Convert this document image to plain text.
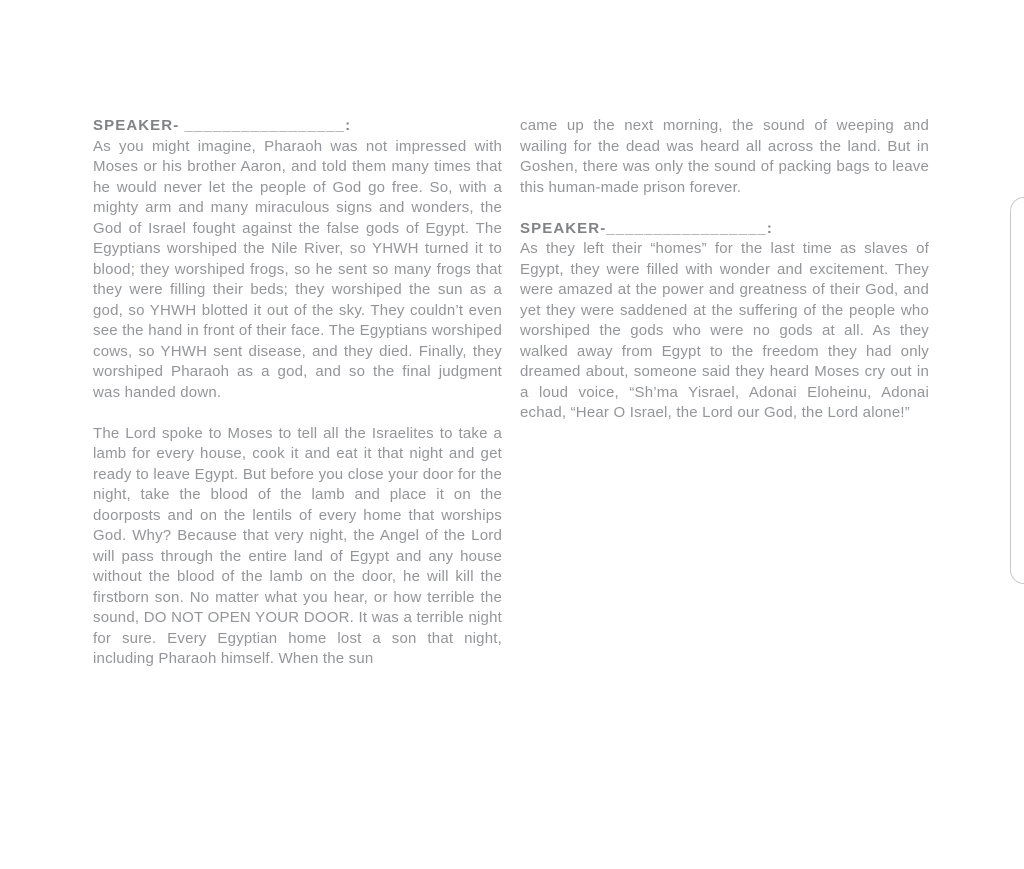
SPEAKER- _________________:

As you might imagine, Pharaoh was not impressed with Moses or his brother Aaron, and told them many times that he would never let the people of God go free. So, with a mighty arm and many miraculous signs and wonders, the God of Israel fought against the false gods of Egypt. The Egyptians worshiped the Nile River, so YHWH turned it to blood; they worshiped frogs, so he sent so many frogs that they were filling their beds; they worshiped the sun as a god, so YHWH blotted it out of the sky. They couldn’t even see the hand in front of their face. The Egyptians worshiped cows, so YHWH sent disease, and they died. Finally, they worshiped Pharaoh as a god, and so the final judgment was handed down.

The Lord spoke to Moses to tell all the Israelites to take a lamb for every house, cook it and eat it that night and get ready to leave Egypt. But before you close your door for the night, take the blood of the lamb and place it on the doorposts and on the lentils of every home that worships God. Why? Because that very night, the Angel of the Lord will pass through the entire land of Egypt and any house without the blood of the lamb on the door, he will kill the firstborn son. No matter what you hear, or how terrible the sound, DO NOT OPEN YOUR DOOR. It was a terrible night for sure. Every Egyptian home lost a son that night, including Pharaoh himself. When the sun

came up the next morning, the sound of weeping and wailing for the dead was heard all across the land. But in Goshen, there was only the sound of packing bags to leave this human-made prison forever.

SPEAKER-_________________:

As they left their “homes” for the last time as slaves of Egypt, they were filled with wonder and excitement. They were amazed at the power and greatness of their God, and yet they were saddened at the suffering of the people who worshiped the gods who were no gods at all. As they walked away from Egypt to the freedom they had only dreamed about, someone said they heard Moses cry out in a loud voice, “Sh’ma Yisrael, Adonai Eloheinu, Adonai echad, “Hear O Israel, the Lord our God, the Lord alone!”
